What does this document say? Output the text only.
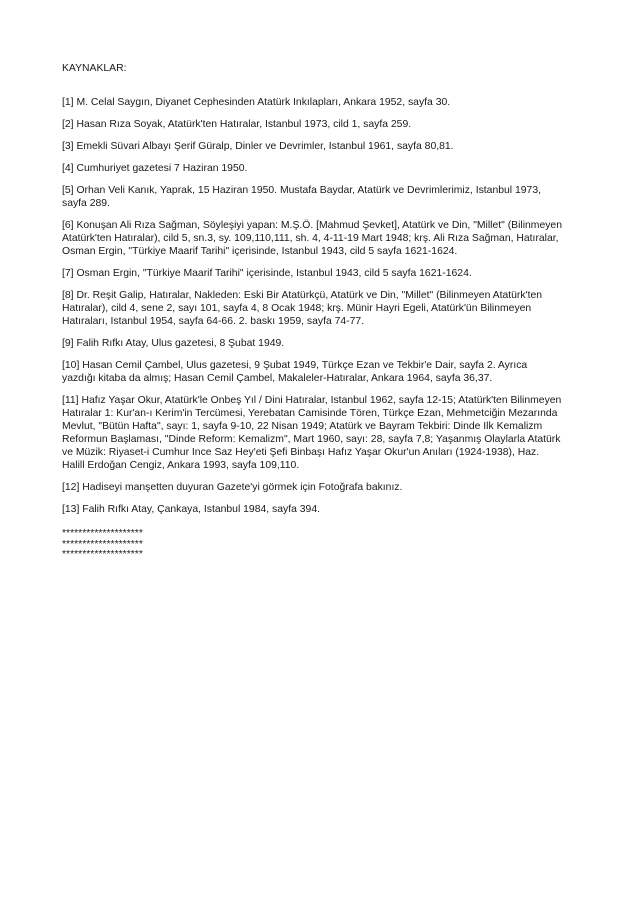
KAYNAKLAR:
[1] M. Celal Saygın, Diyanet Cephesinden Atatürk Inkılapları, Ankara 1952, sayfa 30.
[2] Hasan Rıza Soyak, Atatürk'ten Hatıralar, Istanbul 1973, cild 1, sayfa 259.
[3] Emekli Süvari Albayı Şerif Güralp, Dinler ve Devrimler, Istanbul 1961, sayfa 80,81.
[4] Cumhuriyet gazetesi 7 Haziran 1950.
[5] Orhan Veli Kanık, Yaprak, 15 Haziran 1950. Mustafa Baydar, Atatürk ve Devrimlerimiz, Istanbul 1973,
sayfa 289.
[6] Konuşan Ali Rıza Sağman, Söyleşiyi yapan: M.Ş.Ö. [Mahmud Şevket], Atatürk ve Din, "Millet" (Bilinmeyen
Atatürk'ten Hatıralar), cild 5, sn.3, sy. 109,110,111, sh. 4, 4-11-19 Mart 1948; krş. Ali Rıza Sağman, Hatıralar,
Osman Ergin, "Türkiye Maarif Tarihi" içerisinde, Istanbul 1943, cild 5 sayfa 1621-1624.
[7] Osman Ergin, "Türkiye Maarif Tarihi" içerisinde, Istanbul 1943, cild 5 sayfa 1621-1624.
[8] Dr. Reşit Galip, Hatıralar, Nakleden: Eski Bir Atatürkçü, Atatürk ve Din, "Millet" (Bilinmeyen Atatürk'ten
Hatıralar), cild 4, sene 2, sayı 101, sayfa 4, 8 Ocak 1948; krş. Münir Hayri Egeli, Atatürk'ün Bilinmeyen
Hatıraları, Istanbul 1954, sayfa 64-66. 2. baskı 1959, sayfa 74-77.
[9] Falih Rıfkı Atay, Ulus gazetesi, 8 Şubat 1949.
[10] Hasan Cemil Çambel, Ulus gazetesi, 9 Şubat 1949, Türkçe Ezan ve Tekbir'e Dair, sayfa 2. Ayrıca
yazdığı kitaba da almış; Hasan Cemil Çambel, Makaleler-Hatıralar, Ankara 1964, sayfa 36,37.
[11] Hafız Yaşar Okur, Atatürk'le Onbeş Yıl / Dini Hatıralar, Istanbul 1962, sayfa 12-15; Atatürk'ten Bilinmeyen
Hatıralar 1: Kur'an-ı Kerim'in Tercümesi, Yerebatan Camisinde Tören, Türkçe Ezan, Mehmetciğin Mezarında
Mevlut, "Bütün Hafta", sayı: 1, sayfa 9-10, 22 Nisan 1949; Atatürk ve Bayram Tekbiri: Dinde Ilk Kemalizm
Reformun Başlaması, "Dinde Reform: Kemalizm", Mart 1960, sayı: 28, sayfa 7,8; Yaşanmış Olaylarla Atatürk
ve Müzik: Riyaset-i Cumhur Ince Saz Hey'eti Şefi Binbaşı Hafız Yaşar Okur'un Anıları (1924-1938), Haz.
Halill Erdoğan Cengiz, Ankara 1993, sayfa 109,110.
[12] Hadiseyi manşetten duyuran Gazete'yi görmek için Fotoğrafa bakınız.
[13] Falih Rıfkı Atay, Çankaya, Istanbul 1984, sayfa 394.
********************
********************
********************
